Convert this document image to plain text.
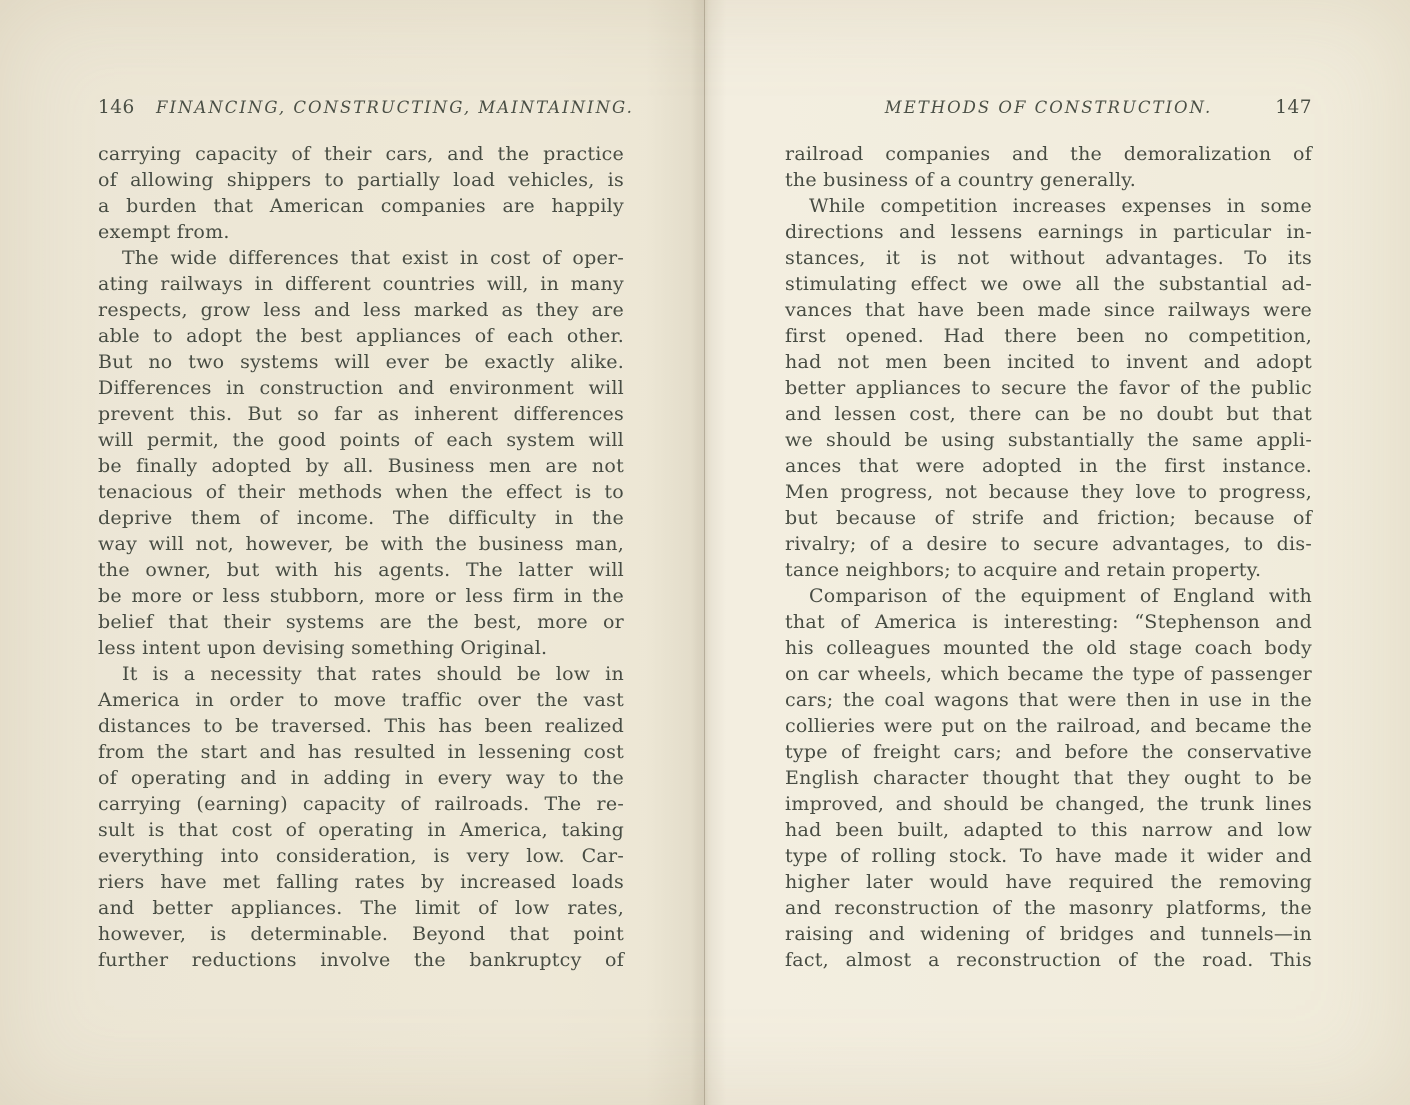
146	FINANCING, CONSTRUCTING, MAINTAINING.
carrying capacity of their cars, and the practice
of allowing shippers to partially load vehicles, is
a burden that American companies are happily
exempt from.
The wide differences that exist in cost of oper-
ating railways in different countries will, in many
respects, grow less and less marked as they are
able to adopt the best appliances of each other.
But no two systems will ever be exactly alike.
Differences in construction and environment will
prevent this. But so far as inherent differences
will permit, the good points of each system will
be finally adopted by all. Business men are not
tenacious of their methods when the effect is to
deprive them of income. The difficulty in the
way will not, however, be with the business man,
the owner, but with his agents. The latter will
be more or less stubborn, more or less firm in the
belief that their systems are the best, more or
less intent upon devising something Original.
It is a necessity that rates should be low in
America in order to move traffic over the vast
distances to be traversed. This has been realized
from the start and has resulted in lessening cost
of operating and in adding in every way to the
carrying (earning) capacity of railroads. The re-
sult is that cost of operating in America, taking
everything into consideration, is very low. Car-
riers have met falling rates by increased loads
and better appliances. The limit of low rates,
however, is determinable. Beyond that point
further reductions involve the bankruptcy of
METHODS OF CONSTRUCTION.	147
railroad companies and the demoralization of
the business of a country generally.
While competition increases expenses in some
directions and lessens earnings in particular in-
stances, it is not without advantages. To its
stimulating effect we owe all the substantial ad-
vances that have been made since railways were
first opened. Had there been no competition,
had not men been incited to invent and adopt
better appliances to secure the favor of the public
and lessen cost, there can be no doubt but that
we should be using substantially the same appli-
ances that were adopted in the first instance.
Men progress, not because they love to progress,
but because of strife and friction; because of
rivalry; of a desire to secure advantages, to dis-
tance neighbors; to acquire and retain property.
Comparison of the equipment of England with
that of America is interesting: “Stephenson and
his colleagues mounted the old stage coach body
on car wheels, which became the type of passenger
cars; the coal wagons that were then in use in the
collieries were put on the railroad, and became the
type of freight cars; and before the conservative
English character thought that they ought to be
improved, and should be changed, the trunk lines
had been built, adapted to this narrow and low
type of rolling stock. To have made it wider and
higher later would have required the removing
and reconstruction of the masonry platforms, the
raising and widening of bridges and tunnels—in
fact, almost a reconstruction of the road. This
